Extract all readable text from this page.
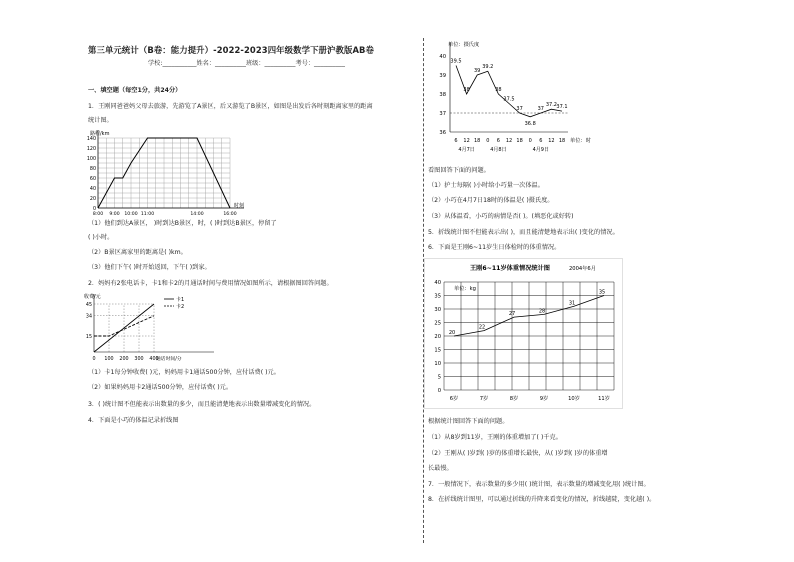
第三单元统计（B卷：能力提升）-2022-2023四年级数学下册沪教版AB卷
学校:___________姓名：__________班级：__________考号：__________
一、填空题（每空1分，共24分）
1．王刚同爸爸妈父母去旅游，先游览了A景区，后又游览了B景区，如图是出发后各时刻距离家里的距离
统计图。
路程/km
时刻
140
120
100
80
60
40
20
0
8:00 9:00 10:00 11:00	14:00	16:00
（1）他们到达A景区， )时到达B景区，时，( )时到达B景区，停留了
( )小时。
（2）B景区离家里的距离是( )km。
（3）他们下午( )时开始返回，下午( )到家。
2．妈妈有2张电话卡，卡1和卡2的月通话时间与费用情况如图所示，请根据图回答问题。
收费/元
通话时间/分
45
34
15
0 100 200 300 400
卡1
卡2
（1）卡1每分钟收费( )元，妈妈用卡1通话500分钟，应付话费( )元。
（2）如果妈妈用卡2通话500分钟，应付话费( )元。
3．( )统计图不但能表示出数量的多少，而且能清楚地表示出数量增减变化的情况。
4．下面是小巧的体温记录折线图
单位：摄氏度
单位：时
40
39
38
37
36
6 12 18 0 6 12 18 0 6 12 18
4月7日	4月8日	4月9日
39.5
38
39
39.2
38
37.5
37
36.8
37
37.2 37.1
看图回答下面的问题。
（1）护士每隔( )小时给小巧量一次体温。
（2）小巧在4月7日18时的体温是( )摄氏度。
（3）从体温看，小巧的病情是否( )。(填恶化或好转)
5．折线统计图不但能表示出( )，而且能清楚地表示出( )变化的情况。
6．下面是王刚6~11岁生日体检时的体重情况。
王刚6~11岁体重情况统计图	2004年6月
单位：kg
40
35
30
25
20
15
10
5
0
6岁	7岁	8岁	9岁	10岁	11岁
20
22
27	28
31
35
根据统计图回答下面的问题。
（1）从8岁到11岁，王刚的体重增加了( )千克。
（2）王刚从( )岁到( )岁的体重增长最快，从( )岁到( )岁的体重增
长最慢。
7．一般情况下，表示数量的多少用( )统计图，表示数量的增减变化用( )统计图。
8．在折线统计图里，可以通过折线的升降来看变化的情况，折线越陡，变化越( )。
